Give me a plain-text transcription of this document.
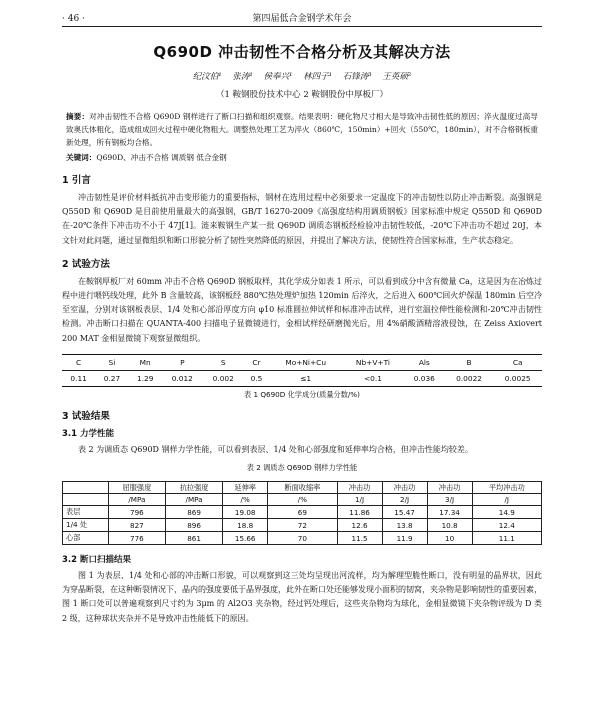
· 46 ·	第四届低合金钢学术年会
Q690D 冲击韧性不合格分析及其解决方法
纪汶伯¹ 张涛¹ 侯奉兴¹ 林四子¹ 石锋涛³ 王英硕²
（1 鞍钢股份技术中心 2 鞍钢股份中厚板厂）
摘要：对冲击韧性不合格 Q690D 钢样进行了断口扫描和组织观察。结果表明：硬化物尺寸相大是导致冲击韧性低的原因；淬火温度过高导致奥氏体粗化，造成组成回火过程中硬化物粗大。调整热处理工艺为淬火（860℃，150min）+回火（550℃，180min），对不合格钢板重新处理，所有钢板均合格。
关键词：Q690D、冲击不合格 调质钢 低合金钢
1 引言

冲击韧性是评价材料抵抗冲击变形能力的重要指标，钢材在选用过程中必须要求一定温度下的冲击韧性以防止冲击断裂。高强钢是 Q550D 和 Q690D 是目前使用量最大的高强钢，GB/T 16270-2009《高强度结构用调质钢板》国家标准中规定 Q550D 和 Q690D 在-20℃条件下冲击功不小于 47J[1]。涟来鞍钢生产某一批 Q690D 调质态钢板经检验冲击韧性较低，-20℃下冲击功不超过 20J，本文针对此问题，通过显微组织和断口形貌分析了韧性突然降低的原因，并提出了解决方法，使韧性符合国家标准，生产状态稳定。

2 试验方法

在鞍钢厚板厂对 60mm 冲击不合格 Q690D 钢板取样，其化学成分如表 1 所示，可以看到成分中含有微量 Ca，这是因为在冶炼过程中进行喂钙线处理，此外 B 含量较高，该钢板经 880℃热处理炉加热 120min 后淬火，之后进入 600℃回火炉保温 180min 后空冷至室温，分别对该钢板表层、1/4 处和心部沿厚度方向 φ10 标准圆拉伸试样和标准冲击试样，进行室温拉伸性能检测和-20℃冲击韧性检测。冲击断口扫描在 QUANTA-400 扫描电子显微镜进行，金相试样经研磨抛光后，用 4%硝酸酒精溶液侵蚀，在 Zeiss Axiovert 200 MAT 金相显微镜下观察显微组织。

C	Si	Mn	P	S	Cr	Mo+Ni+Cu	Nb+V+Ti	Als	B	Ca
0.11	0.27	1.29	0.012	0.002	0.5	≤1	<0.1	0.036	0.0022	0.0025
表 1 Q690D 化学成分(质量分数/%)
3 试验结果
3.1 力学性能

表 2 为调质态 Q690D 钢样力学性能，可以看到表层、1/4 处和心部强度和延伸率均合格，但冲击性能均较差。

表 2 调质态 Q690D 钢样力学性能
	屈服强度	抗拉强度	延伸率	断面收缩率	冲击功	冲击功	冲击功	平均冲击功
	/MPa	/MPa	/%	/%	1/J	2/J	3/J	/J
表层	796	869	19.08	69	11.86	15.47	17.34	14.9
1/4 处	827	896	18.8	72	12.6	13.8	10.8	12.4
心部	776	861	15.66	70	11.5	11.9	10	11.1
3.2 断口扫描结果

图 1 为表层、1/4 处和心部的冲击断口形貌，可以观察到这三处均呈现出河流样，均为解理型脆性断口，没有明显的晶界状，因此为穿晶断裂，在这种断裂情况下，晶内的强度要低于晶界强度，此外在断口处还能够发现小面积的韧窝，夹杂物是影响韧性的重要因素，图 1 断口处可以普遍观察到尺寸约为 3μm 的 Al2O3 夹杂物，经过钙处理后，这些夹杂物均为球化，金相显微镜下夹杂物评级为 D 类 2 级，这种球状夹杂并不是导致冲击性能低下的原因。
